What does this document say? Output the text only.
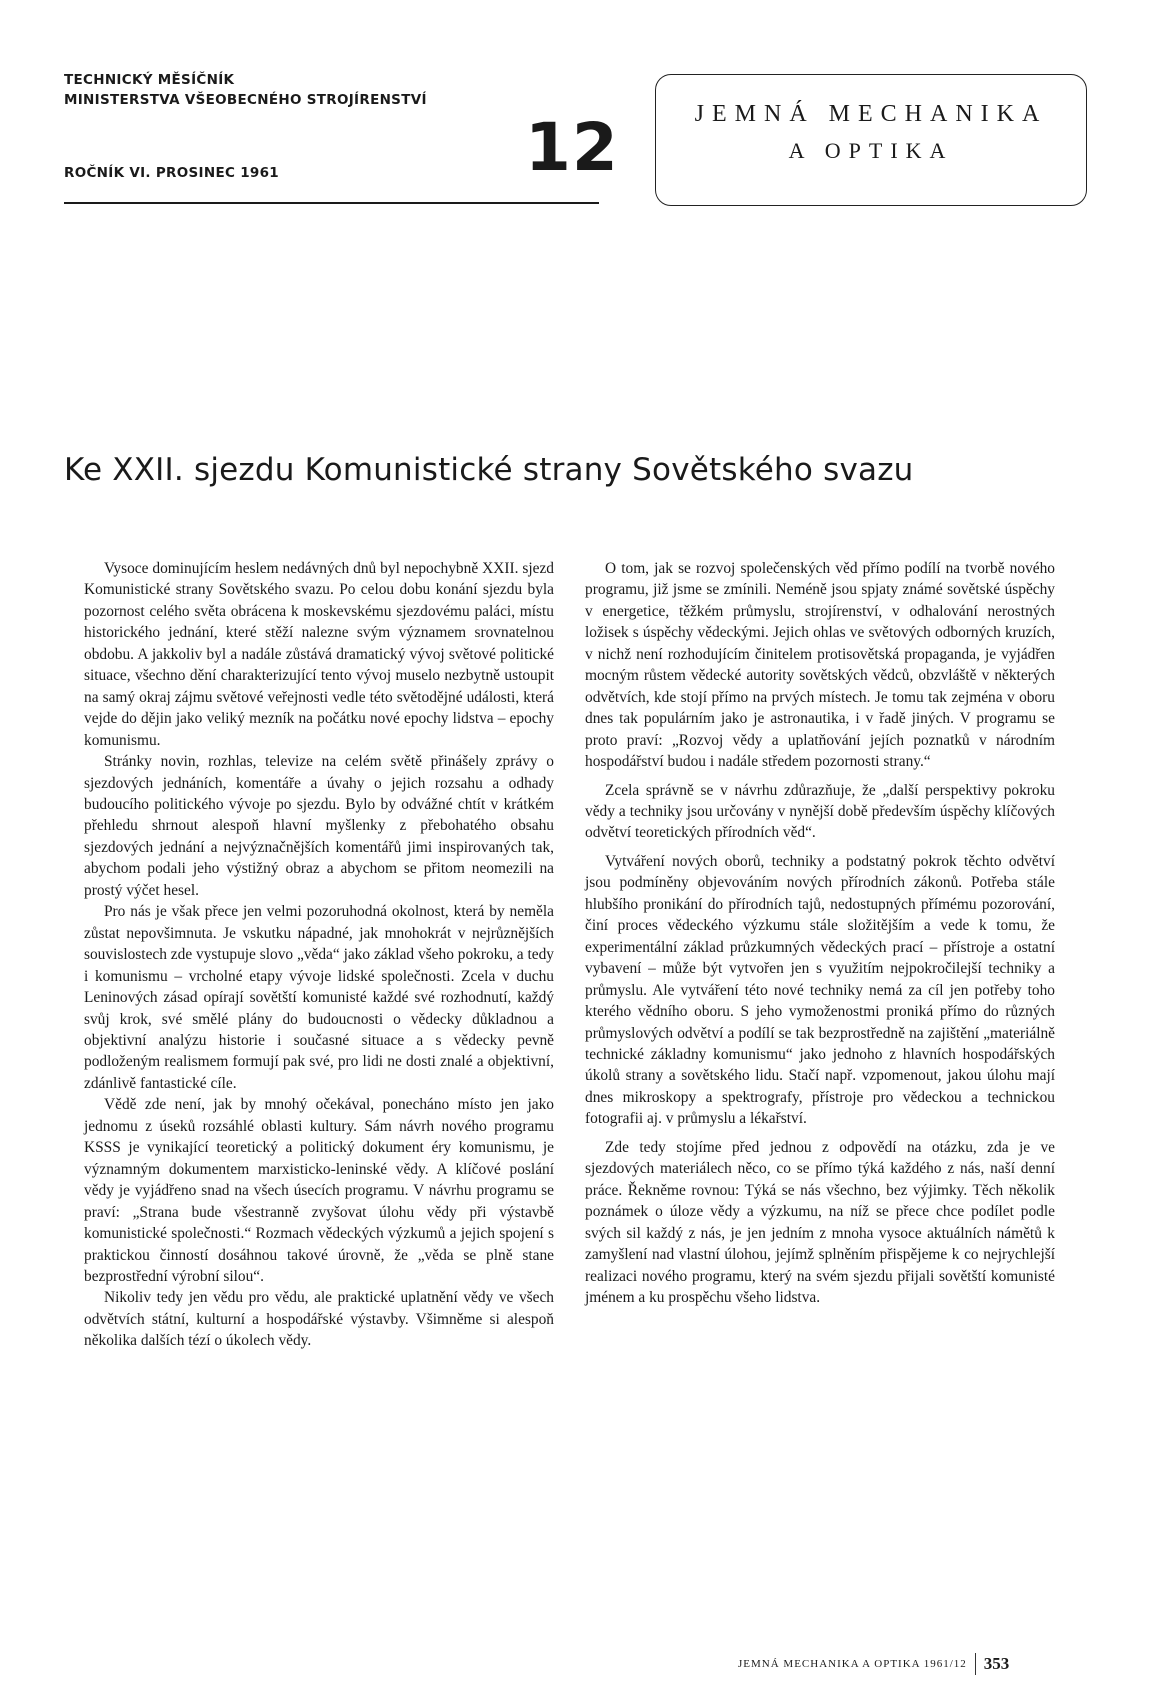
TECHNICKÝ MĚSÍČNÍK
MINISTERSTVA VŠEOBECNÉHO STROJÍRENSTVÍ
ROČNÍK VI. PROSINEC 1961	12	JEMNÁ MECHANIKA
A OPTIKA
Ke XXII. sjezdu Komunistické strany Sovětského svazu

Vysoce dominujícím heslem nedávných dnů byl nepochybně XXII. sjezd Komunistické strany Sovětského svazu. Po celou dobu konání sjezdu byla pozornost celého světa obrácena k moskevskému sjezdovému paláci, místu historického jednání, které stěží nalezne svým významem srovnatelnou obdobu. A jakkoliv byl a nadále zůstává dramatický vývoj světové politické situace, všechno dění charakterizující tento vývoj muselo nezbytně ustoupit na samý okraj zájmu světové veřejnosti vedle této světodějné události, která vejde do dějin jako veliký mezník na počátku nové epochy lidstva – epochy komunismu.

Stránky novin, rozhlas, televize na celém světě přinášely zprávy o sjezdových jednáních, komentáře a úvahy o jejich rozsahu a odhady budoucího politického vývoje po sjezdu. Bylo by odvážné chtít v krátkém přehledu shrnout alespoň hlavní myšlenky z přebohatého obsahu sjezdových jednání a nejvýznačnějších komentářů jimi inspirovaných tak, abychom podali jeho výstižný obraz a abychom se přitom neomezili na prostý výčet hesel.

Pro nás je však přece jen velmi pozoruhodná okolnost, která by neměla zůstat nepovšimnuta. Je vskutku nápadné, jak mnohokrát v nejrůznějších souvislostech zde vystupuje slovo „věda“ jako základ všeho pokroku, a tedy i komunismu – vrcholné etapy vývoje lidské společnosti. Zcela v duchu Leninových zásad opírají sovětští komunisté každé své rozhodnutí, každý svůj krok, své smělé plány do budoucnosti o vědecky důkladnou a objektivní analýzu historie i současné situace a s vědecky pevně podloženým realismem formují pak své, pro lidi ne dosti znalé a objektivní, zdánlivě fantastické cíle.

Vědě zde není, jak by mnohý očekával, ponecháno místo jen jako jednomu z úseků rozsáhlé oblasti kultury. Sám návrh nového programu KSSS je vynikající teoretický a politický dokument éry komunismu, je významným dokumentem marxisticko-leninské vědy. A klíčové poslání vědy je vyjádřeno snad na všech úsecích programu. V návrhu programu se praví: „Strana bude všestranně zvyšovat úlohu vědy při výstavbě komunistické společnosti.“ Rozmach vědeckých výzkumů a jejich spojení s praktickou činností dosáhnou takové úrovně, že „věda se plně stane bezprostřední výrobní silou“.

Nikoliv tedy jen vědu pro vědu, ale praktické uplatnění vědy ve všech odvětvích státní, kulturní a hospodářské výstavby. Všimněme si alespoň několika dalších tézí o úkolech vědy.

O tom, jak se rozvoj společenských věd přímo podílí na tvorbě nového programu, již jsme se zmínili. Neméně jsou spjaty známé sovětské úspěchy v energetice, těžkém průmyslu, strojírenství, v odhalování nerostných ložisek s úspěchy vědeckými. Jejich ohlas ve světových odborných kruzích, v nichž není rozhodujícím činitelem protisovětská propaganda, je vyjádřen mocným růstem vědecké autority sovětských vědců, obzvláště v některých odvětvích, kde stojí přímo na prvých místech. Je tomu tak zejména v oboru dnes tak populárním jako je astronautika, i v řadě jiných. V programu se proto praví: „Rozvoj vědy a uplatňování jejích poznatků v národním hospodářství budou i nadále středem pozornosti strany.“

Zcela správně se v návrhu zdůrazňuje, že „další perspektivy pokroku vědy a techniky jsou určovány v nynější době především úspěchy klíčových odvětví teoretických přírodních věd“.

Vytváření nových oborů, techniky a podstatný pokrok těchto odvětví jsou podmíněny objevováním nových přírodních zákonů. Potřeba stále hlubšího pronikání do přírodních tajů, nedostupných přímému pozorování, činí proces vědeckého výzkumu stále složitějším a vede k tomu, že experimentální základ průzkumných vědeckých prací – přístroje a ostatní vybavení – může být vytvořen jen s využitím nejpokročilejší techniky a průmyslu. Ale vytváření této nové techniky nemá za cíl jen potřeby toho kterého vědního oboru. S jeho vymoženostmi proniká přímo do různých průmyslových odvětví a podílí se tak bezprostředně na zajištění „materiálně technické základny komunismu“ jako jednoho z hlavních hospodářských úkolů strany a sovětského lidu. Stačí např. vzpomenout, jakou úlohu mají dnes mikroskopy a spektrografy, přístroje pro vědeckou a technickou fotografii aj. v průmyslu a lékařství.

Zde tedy stojíme před jednou z odpovědí na otázku, zda je ve sjezdových materiálech něco, co se přímo týká každého z nás, naší denní práce. Řekněme rovnou: Týká se nás všechno, bez výjimky. Těch několik poznámek o úloze vědy a výzkumu, na níž se přece chce podílet podle svých sil každý z nás, je jen jedním z mnoha vysoce aktuálních námětů k zamyšlení nad vlastní úlohou, jejímž splněním přispějeme k co nejrychlejší realizaci nového programu, který na svém sjezdu přijali sovětští komunisté jménem a ku prospěchu všeho lidstva.

JEMNÁ MECHANIKA A OPTIKA 1961/12 353
